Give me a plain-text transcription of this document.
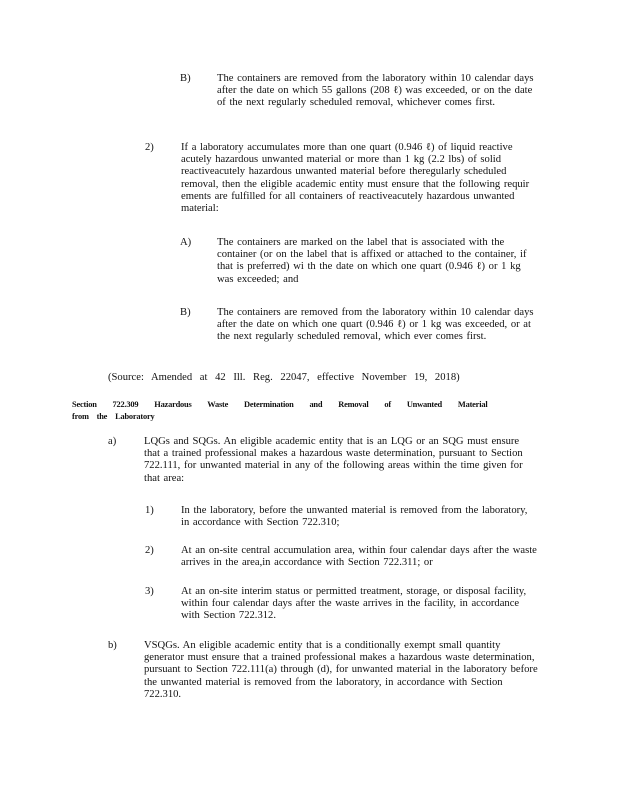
B) The containers are removed from the laboratory within 10 calendar days after the date on which 55 gallons (208 ℓ) was exceeded, or on the date of the next regularly scheduled removal, whichever comes first.
2)	If a laboratory accumulates more than one quart (0.946 ℓ) of liquid reactive acutely hazardous unwanted material or more than 1 kg (2.2 lbs) of solid reactiveacutely hazardous unwanted material before theregularly scheduled removal, then the eligible academic entity must ensure that the following requir ements are fulfilled for all containers of reactiveacutely hazardous unwanted material:
A) The containers are marked on the label that is associated with the container (or on the label that is affixed or attached to the container, if that is preferred) wi th the date on which one quart (0.946 ℓ) or 1 kg was exceeded; and
B) The containers are removed from the laboratory within 10 calendar days after the date on which one quart (0.946 ℓ) or 1 kg was exceeded, or at the next regularly scheduled removal, which ever comes first.
(Source: Amended at 42 Ill. Reg. 22047, effective November 19, 2018)
Section 722.309 Hazardous Waste Determination and Removal of Unwanted Material
from the Laboratory
a)	LQGs and SQGs. An eligible academic entity that is an LQG or an SQG must ensure that a trained professional makes a hazardous waste determination, pursuant to Section 722.111, for unwanted material in any of the following areas within the time given for that area:
1)	In the laboratory, before the unwanted material is removed from the laboratory, in accordance with Section 722.310;
2)	At an on-site central accumulation area, within four calendar days after the waste arrives in the area,in accordance with Section 722.311; or
3)	At an on-site interim status or permitted treatment, storage, or disposal facility, within four calendar days after the waste arrives in the facility, in accordance with Section 722.312.
b)	VSQGs. An eligible academic entity that is a conditionally exempt small quantity generator must ensure that a trained professional makes a hazardous waste determination, pursuant to Section 722.111(a) through (d), for unwanted material in the laboratory before the unwanted material is removed from the laboratory, in accordance with Section 722.310.
